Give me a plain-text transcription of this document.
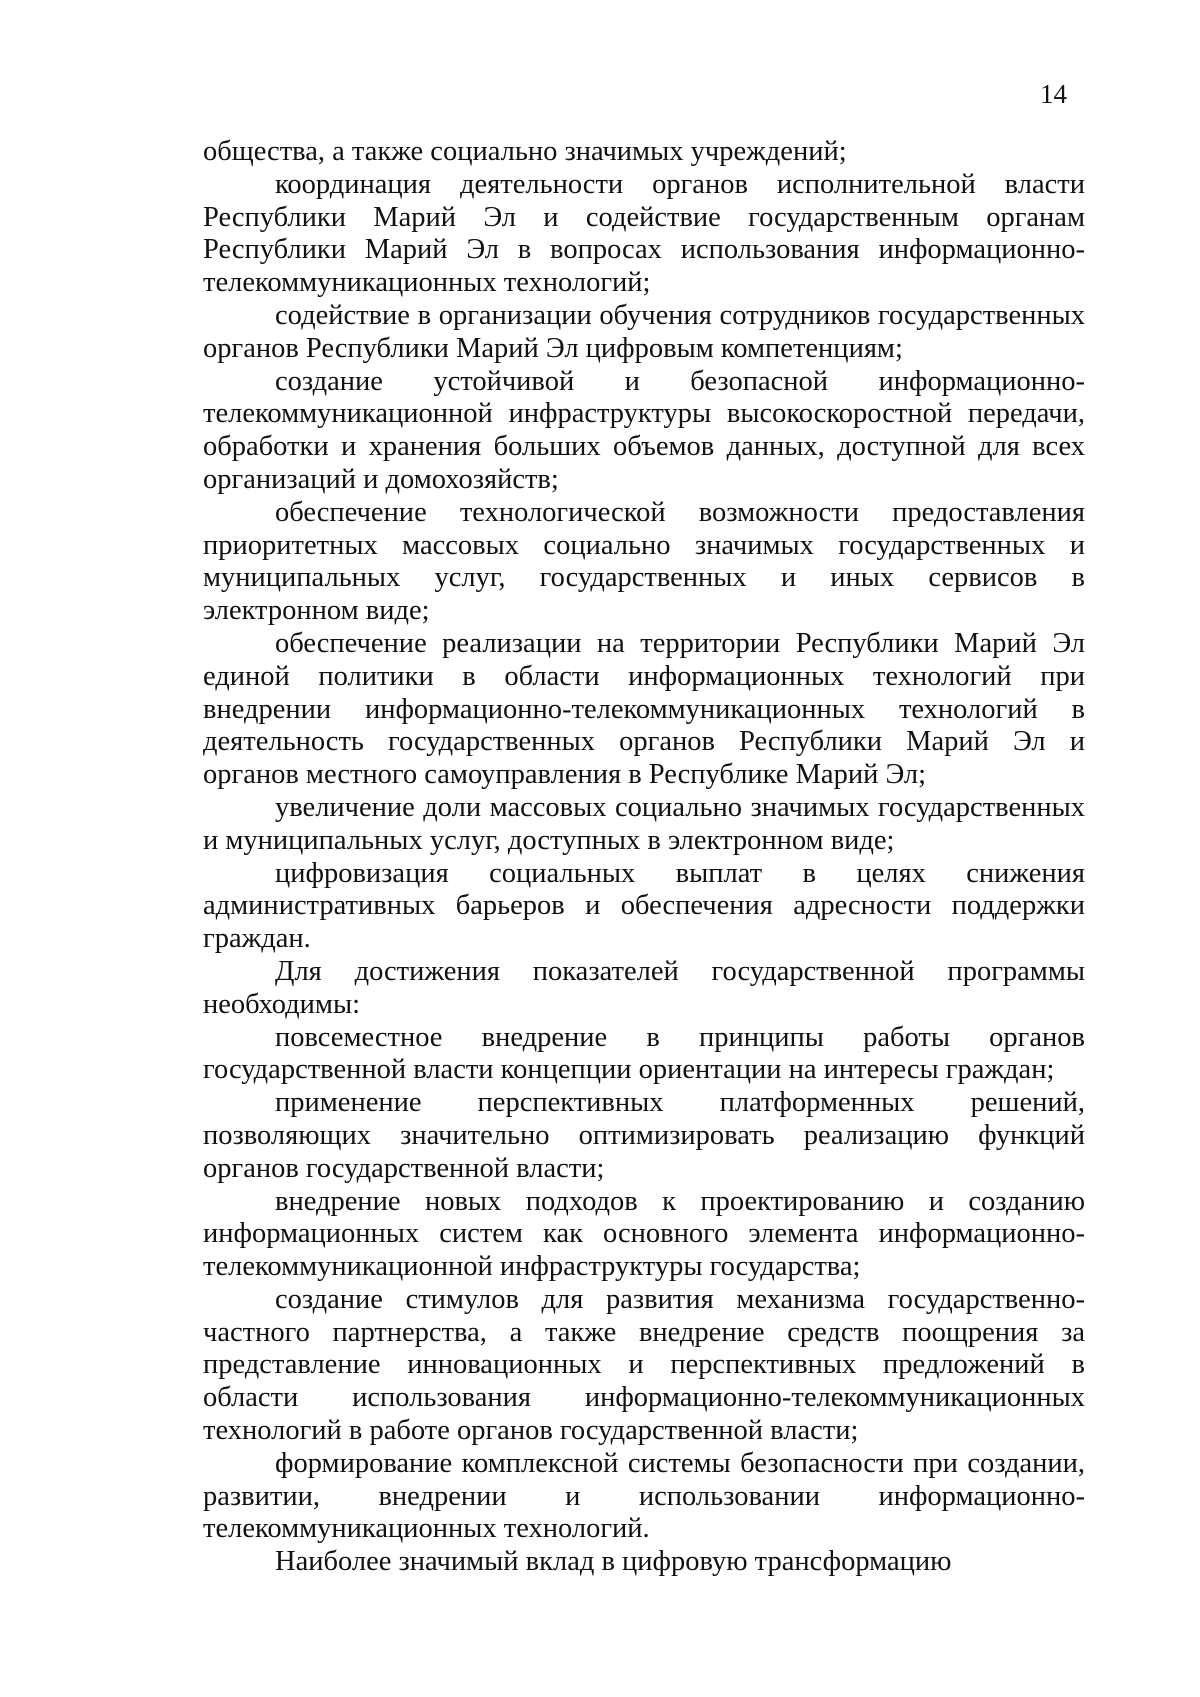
14

общества, а также социально значимых учреждений;

координация деятельности органов исполнительной власти Республики Марий Эл и содействие государственным органам Республики Марий Эл в вопросах использования информационно-телекоммуникационных технологий;

содействие в организации обучения сотрудников государственных органов Республики Марий Эл цифровым компетенциям;

создание устойчивой и безопасной информационно-телекоммуникационной инфраструктуры высокоскоростной передачи, обработки и хранения больших объемов данных, доступной для всех организаций и домохозяйств;

обеспечение технологической возможности предоставления приоритетных массовых социально значимых государственных и муниципальных услуг, государственных и иных сервисов в электронном виде;

обеспечение реализации на территории Республики Марий Эл единой политики в области информационных технологий при внедрении информационно-телекоммуникационных технологий в деятельность государственных органов Республики Марий Эл и органов местного самоуправления в Республике Марий Эл;

увеличение доли массовых социально значимых государственных и муниципальных услуг, доступных в электронном виде;

цифровизация социальных выплат в целях снижения административных барьеров и обеспечения адресности поддержки граждан.

Для достижения показателей государственной программы необходимы:

повсеместное внедрение в принципы работы органов государственной власти концепции ориентации на интересы граждан;

применение перспективных платформенных решений, позволяющих значительно оптимизировать реализацию функций органов государственной власти;

внедрение новых подходов к проектированию и созданию информационных систем как основного элемента информационно-телекоммуникационной инфраструктуры государства;

создание стимулов для развития механизма государственно-частного партнерства, а также внедрение средств поощрения за представление инновационных и перспективных предложений в области использования информационно-телекоммуникационных технологий в работе органов государственной власти;

формирование комплексной системы безопасности при создании, развитии, внедрении и использовании информационно-телекоммуникационных технологий.

Наиболее значимый вклад в цифровую трансформацию
